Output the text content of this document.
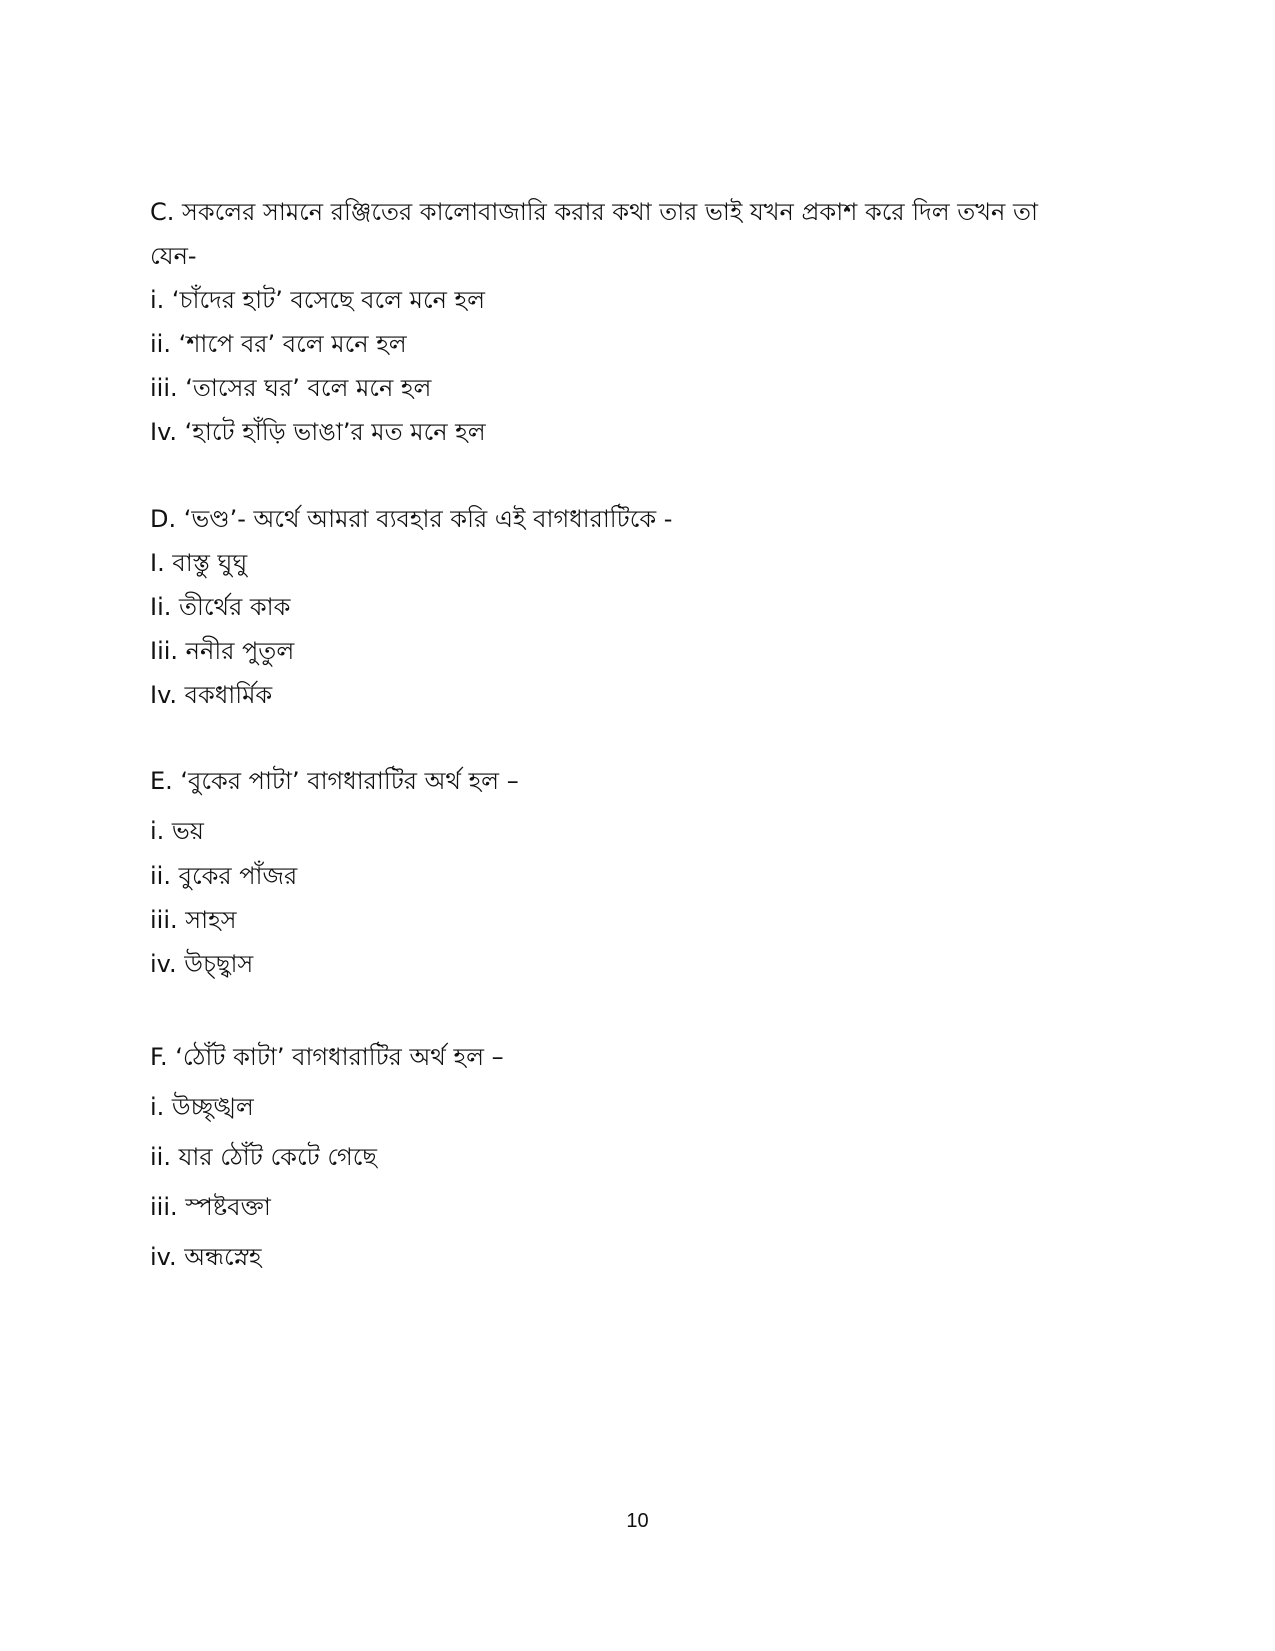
C. সকলের সামনে রঞ্জিতের কালোবাজারি করার কথা তার ভাই যখন প্রকাশ করে দিল তখন তা
যেন-
i. ‘চাঁদের হাট’ বসেছে বলে মনে হল
ii. ‘শাপে বর’ বলে মনে হল
iii. ‘তাসের ঘর’ বলে মনে হল
Iv. ‘হাটে হাঁড়ি ভাঙা’র মত মনে হল
D. ‘ভণ্ড’- অর্থে আমরা ব্যবহার করি এই বাগধারাটিকে -
I. বাস্তু ঘুঘু
Ii. তীর্থের কাক
Iii. ননীর পুতুল
Iv. বকধার্মিক
E. ‘বুকের পাটা’ বাগধারাটির অর্থ হল –
i. ভয়
ii. বুকের পাঁজর
iii. সাহস
iv. উচ্ছ্বাস
F. ‘ঠোঁট কাটা’ বাগধারাটির অর্থ হল –
i. উচ্ছৃঙ্খল
ii. যার ঠোঁট কেটে গেছে
iii. স্পষ্টবক্তা
iv. অন্ধস্নেহ
10
